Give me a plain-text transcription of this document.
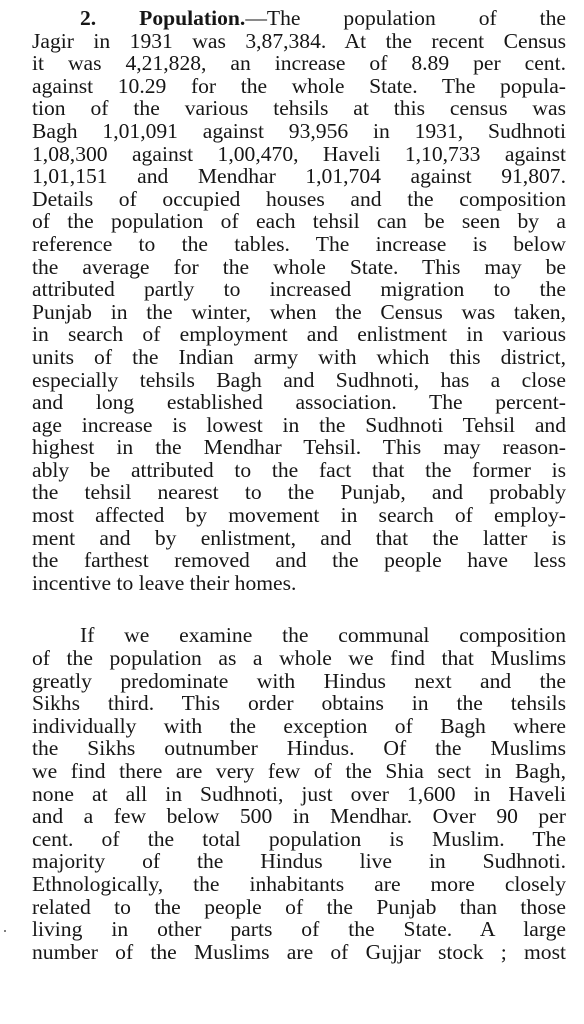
2. Population.—The population of the
Jagir in 1931 was 3,87,384. At the recent Census
it was 4,21,828, an increase of 8.89 per cent.
against 10.29 for the whole State. The popula-
tion of the various tehsils at this census was
Bagh 1,01,091 against 93,956 in 1931, Sudhnoti
1,08,300 against 1,00,470, Haveli 1,10,733 against
1,01,151 and Mendhar 1,01,704 against 91,807.
Details of occupied houses and the composition
of the population of each tehsil can be seen by a
reference to the tables. The increase is below
the average for the whole State. This may be
attributed partly to increased migration to the
Punjab in the winter, when the Census was taken,
in search of employment and enlistment in various
units of the Indian army with which this district,
especially tehsils Bagh and Sudhnoti, has a close
and long established association. The percent-
age increase is lowest in the Sudhnoti Tehsil and
highest in the Mendhar Tehsil. This may reason-
ably be attributed to the fact that the former is
the tehsil nearest to the Punjab, and probably
most affected by movement in search of employ-
ment and by enlistment, and that the latter is
the farthest removed and the people have less
incentive to leave their homes.
If we examine the communal composition
of the population as a whole we find that Muslims
greatly predominate with Hindus next and the
Sikhs third. This order obtains in the tehsils
individually with the exception of Bagh where
the Sikhs outnumber Hindus. Of the Muslims
we find there are very few of the Shia sect in Bagh,
none at all in Sudhnoti, just over 1,600 in Haveli
and a few below 500 in Mendhar. Over 90 per
cent. of the total population is Muslim. The
majority of the Hindus live in Sudhnoti.
Ethnologically, the inhabitants are more closely
related to the people of the Punjab than those
living in other parts of the State. A large
number of the Muslims are of Gujjar stock ; most
